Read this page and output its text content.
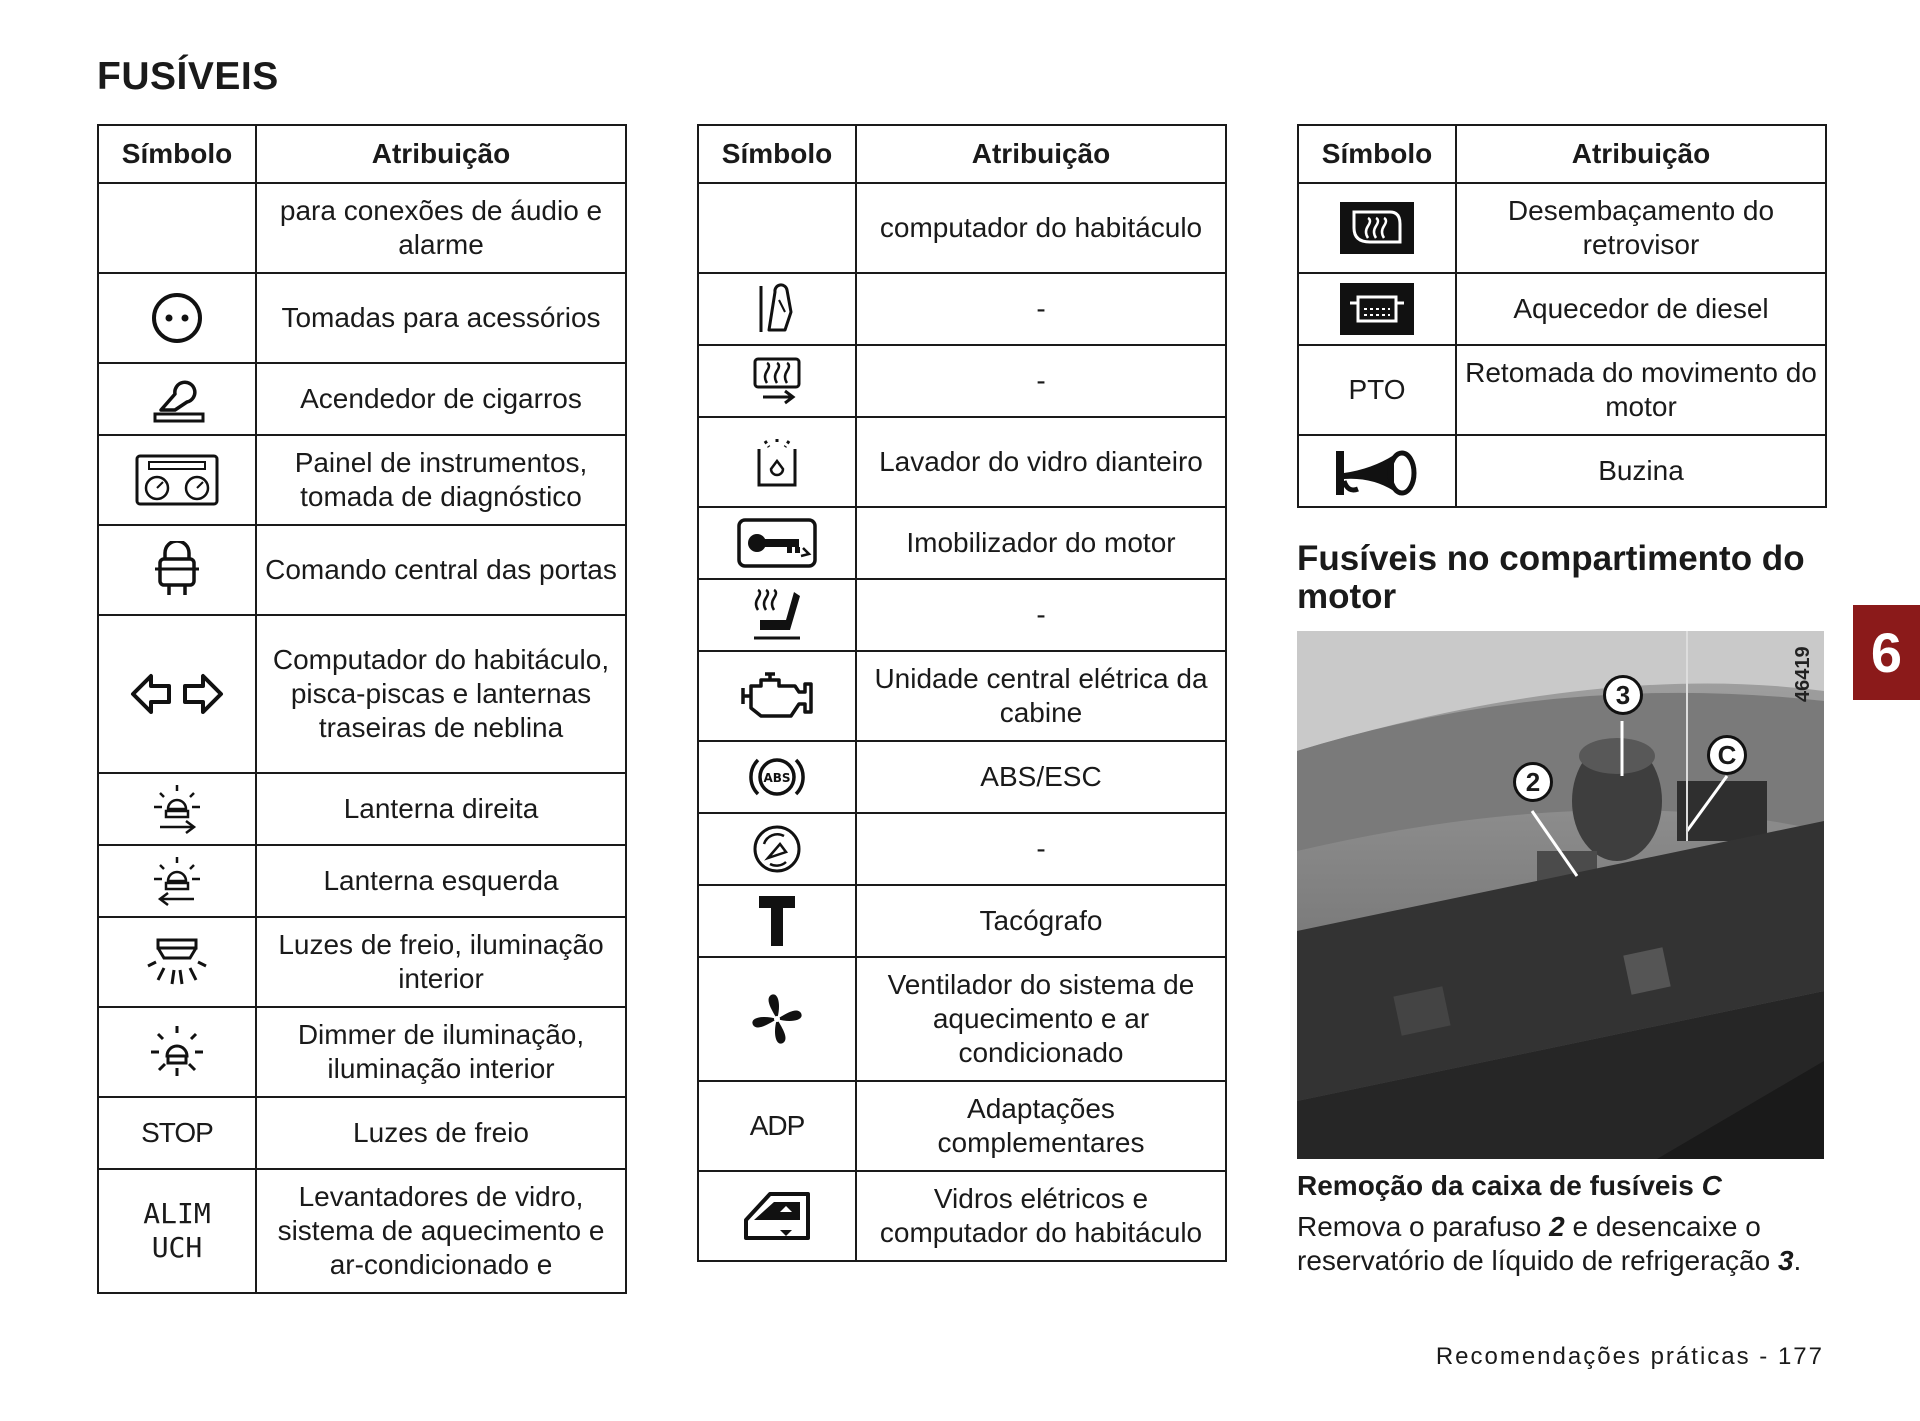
FUSÍVEIS
Símbolo	Atribuição
	para conexões de áudio e alarme

	Tomadas para acessórios

	Acendedor de cigarros

	Painel de instrumentos, tomada de diagnóstico

	Comando central das portas

	Computador do habitáculo, pisca-piscas e lanternas traseiras de neblina

	Lanterna direita

	Lanterna esquerda

	Luzes de freio, iluminação interior

	Dimmer de iluminação, iluminação interior
STOP	Luzes de freio

ALIM
UCH	Levantadores de vidro, sistema de aquecimento e ar-condicionado e
Símbolo	Atribuição
	computador do habitáculo

	-

	-

	Lavador do vidro dianteiro

	Imobilizador do motor

	-

	Unidade central elétrica da cabine

ABS	ABS/ESC

	-

	Tacógrafo

	Ventilador do sistema de aquecimento e ar condicionado
ADP	Adaptações complementares

	Vidros elétricos e computador do habitáculo
Símbolo	Atribuição

	Desembaçamento do retrovisor

	Aquecedor de diesel
PTO	Retomada do movimento do motor

	Buzina
Fusíveis no compartimento do motor
3
2
C
46419

Remoção da caixa de fusíveis C

Remova o parafuso 2 e desencaixe o reservatório de líquido de refrigeração 3.

6
Recomendações práticas - 177
